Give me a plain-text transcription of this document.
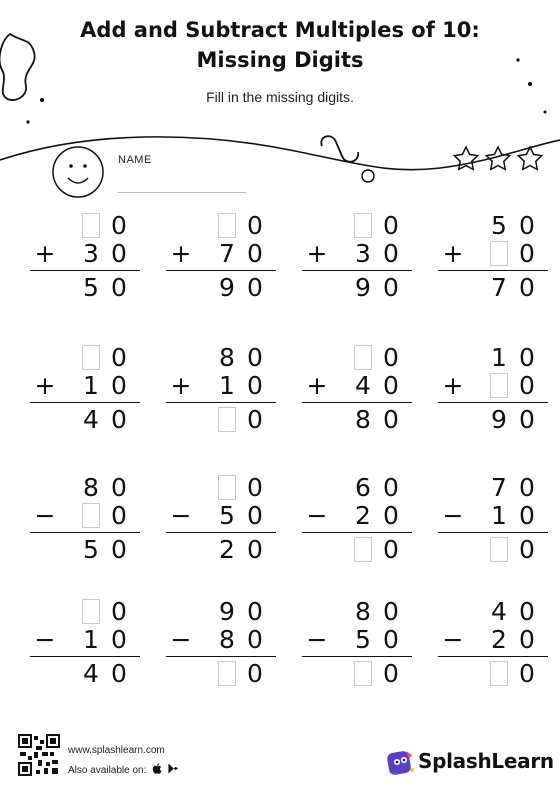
Add and Subtract Multiples of 10:
Missing Digits
Fill in the missing digits.
NAME
0
+ 3 0
5 0
0
+ 7 0
9 0
0
+ 3 0
9 0
5 0
+ 0
7 0
0
+ 1 0
4 0
8 0
+ 1 0
0
0
+ 4 0
8 0
1 0
+ 0
9 0
8 0
− 0
5 0
0
− 5 0
2 0
6 0
− 2 0
0
7 0
− 1 0
0
0
− 1 0
4 0
9 0
− 8 0
0
8 0
− 5 0
0
4 0
− 2 0
0
www.splashlearn.com
Also available on:	SplashLearn
